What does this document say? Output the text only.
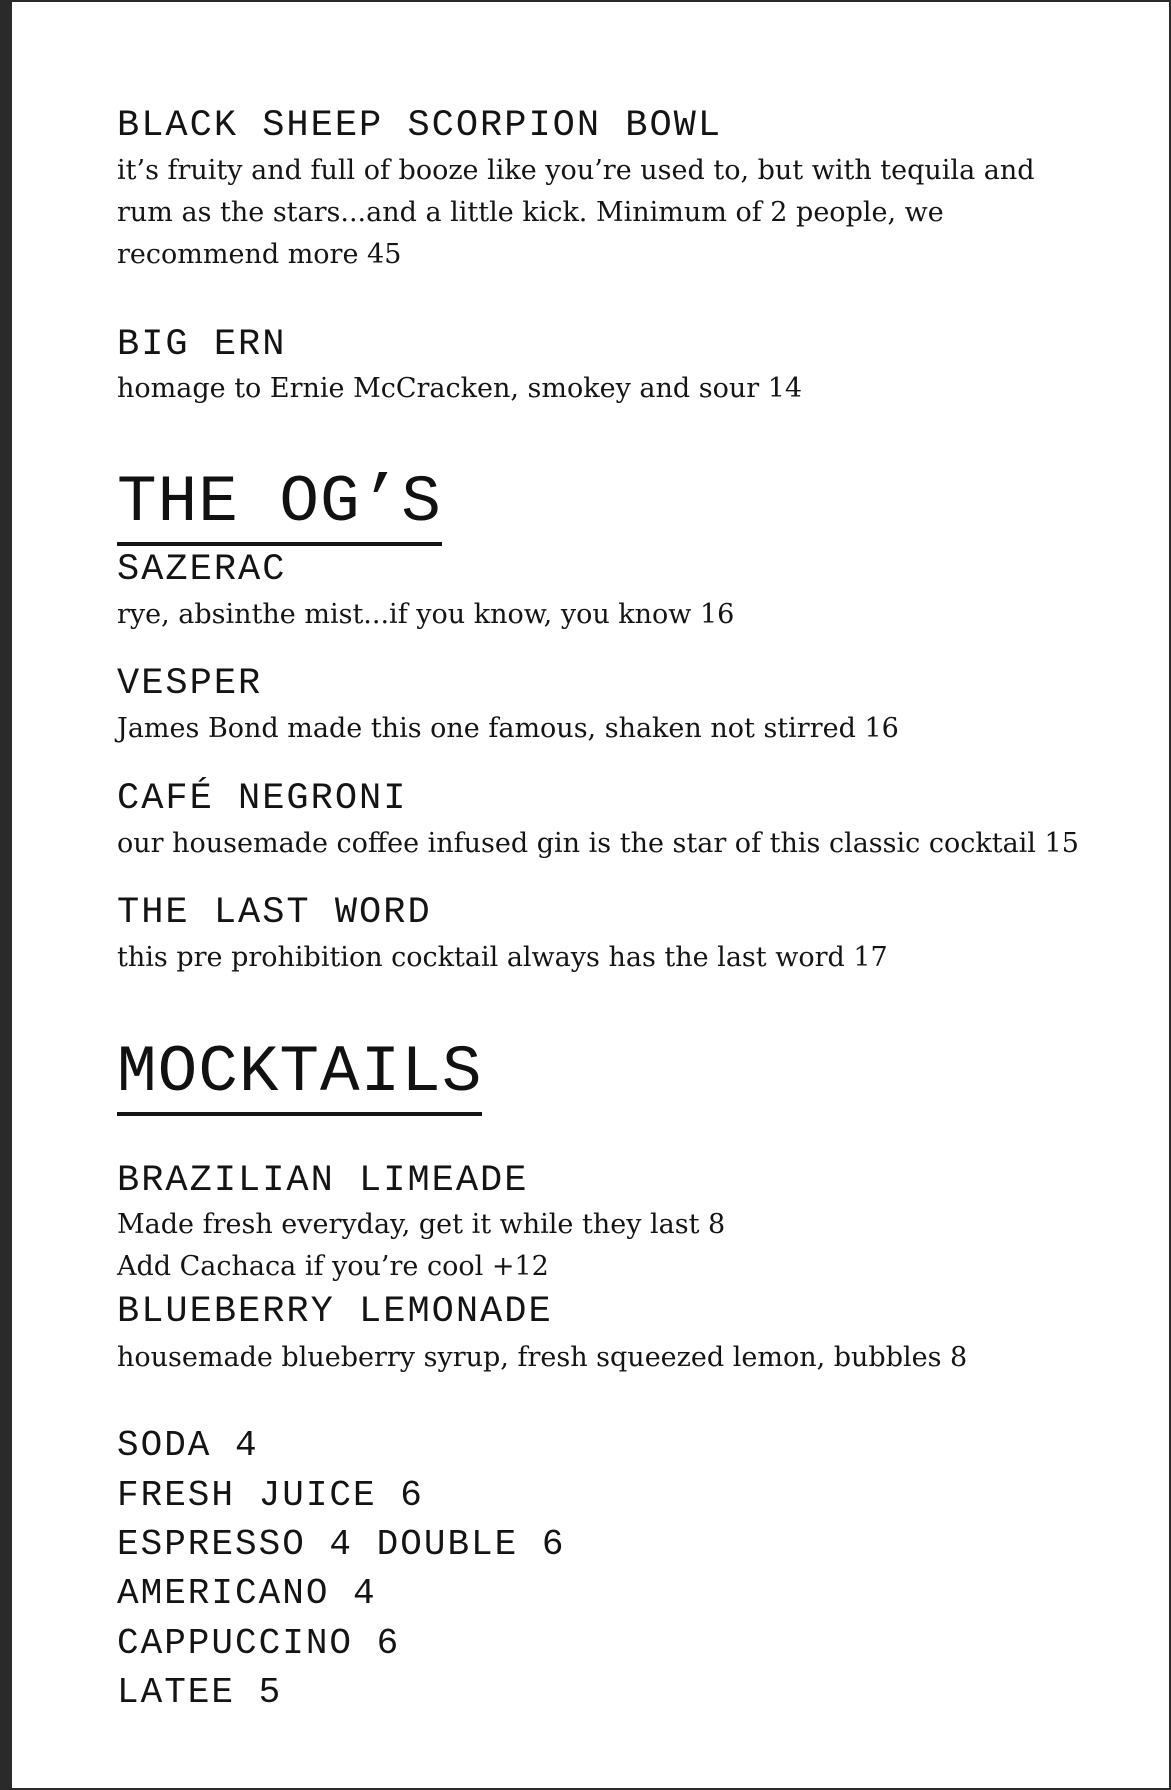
BLACK SHEEP SCORPION BOWL
it’s fruity and full of booze like you’re used to, but with tequila and rum as the stars...and a little kick. Minimum of 2 people, we recommend more 45
BIG ERN
homage to Ernie McCracken, smokey and sour 14
THE OG’S
SAZERAC
rye, absinthe mist...if you know, you know 16
VESPER
James Bond made this one famous, shaken not stirred 16
CAFÉ NEGRONI
our housemade coffee infused gin is the star of this classic cocktail 15
THE LAST WORD
this pre prohibition cocktail always has the last word 17
MOCKTAILS
BRAZILIAN LIMEADE
Made fresh everyday, get it while they last 8
Add Cachaca if you’re cool +12
BLUEBERRY LEMONADE
housemade blueberry syrup, fresh squeezed lemon, bubbles 8
SODA 4
FRESH JUICE 6
ESPRESSO 4 DOUBLE 6
AMERICANO 4
CAPPUCCINO 6
LATEE 5
